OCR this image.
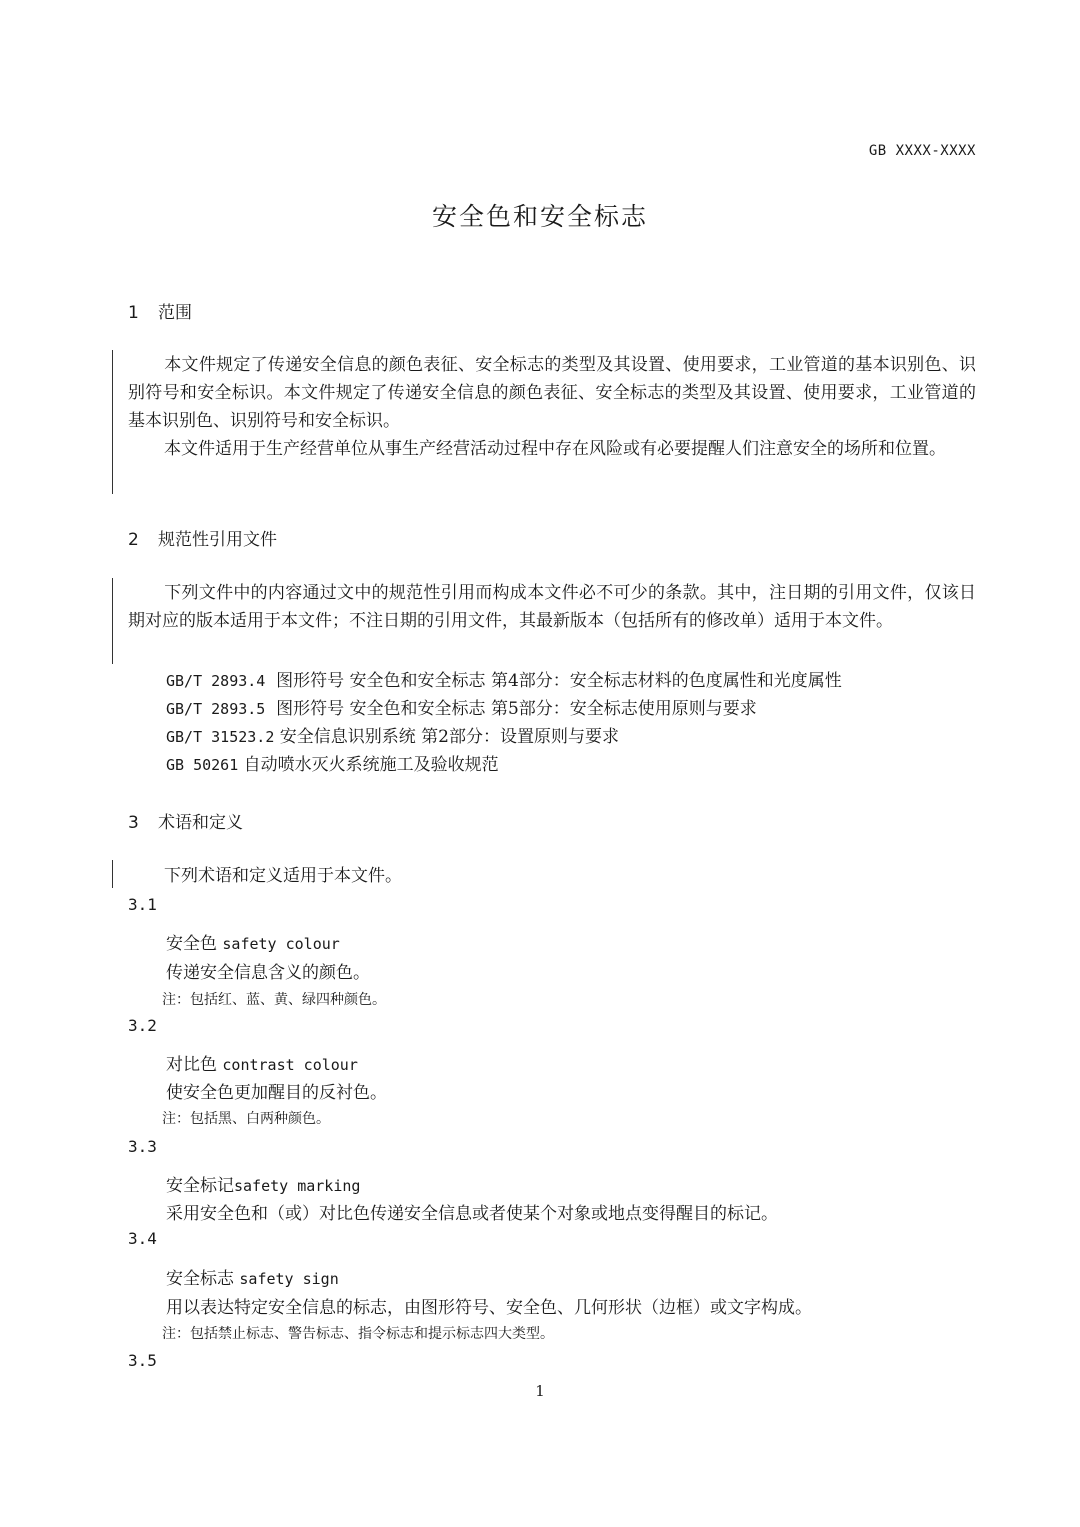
GB XXXX-XXXX
安全色和安全标志
1 范围
本文件规定了传递安全信息的颜色表征、安全标志的类型及其设置、使用要求，工业管道的基本识别色、识别符号和安全标识。本文件规定了传递安全信息的颜色表征、安全标志的类型及其设置、使用要求，工业管道的基本识别色、识别符号和安全标识。
本文件适用于生产经营单位从事生产经营活动过程中存在风险或有必要提醒人们注意安全的场所和位置。
2 规范性引用文件
下列文件中的内容通过文中的规范性引用而构成本文件必不可少的条款。其中，注日期的引用文件，仅该日期对应的版本适用于本文件；不注日期的引用文件，其最新版本（包括所有的修改单）适用于本文件。
GB/T 2893.4 图形符号 安全色和安全标志 第4部分：安全标志材料的色度属性和光度属性
GB/T 2893.5 图形符号 安全色和安全标志 第5部分：安全标志使用原则与要求
GB/T 31523.2 安全信息识别系统 第2部分：设置原则与要求
GB 50261 自动喷水灭火系统施工及验收规范
3 术语和定义
下列术语和定义适用于本文件。
3.1
安全色 safety colour
传递安全信息含义的颜色。
注：包括红、蓝、黄、绿四种颜色。
3.2
对比色 contrast colour
使安全色更加醒目的反衬色。
注：包括黑、白两种颜色。
3.3
安全标记safety marking
采用安全色和（或）对比色传递安全信息或者使某个对象或地点变得醒目的标记。
3.4
安全标志 safety sign
用以表达特定安全信息的标志，由图形符号、安全色、几何形状（边框）或文字构成。
注：包括禁止标志、警告标志、指令标志和提示标志四大类型。
3.5
1
